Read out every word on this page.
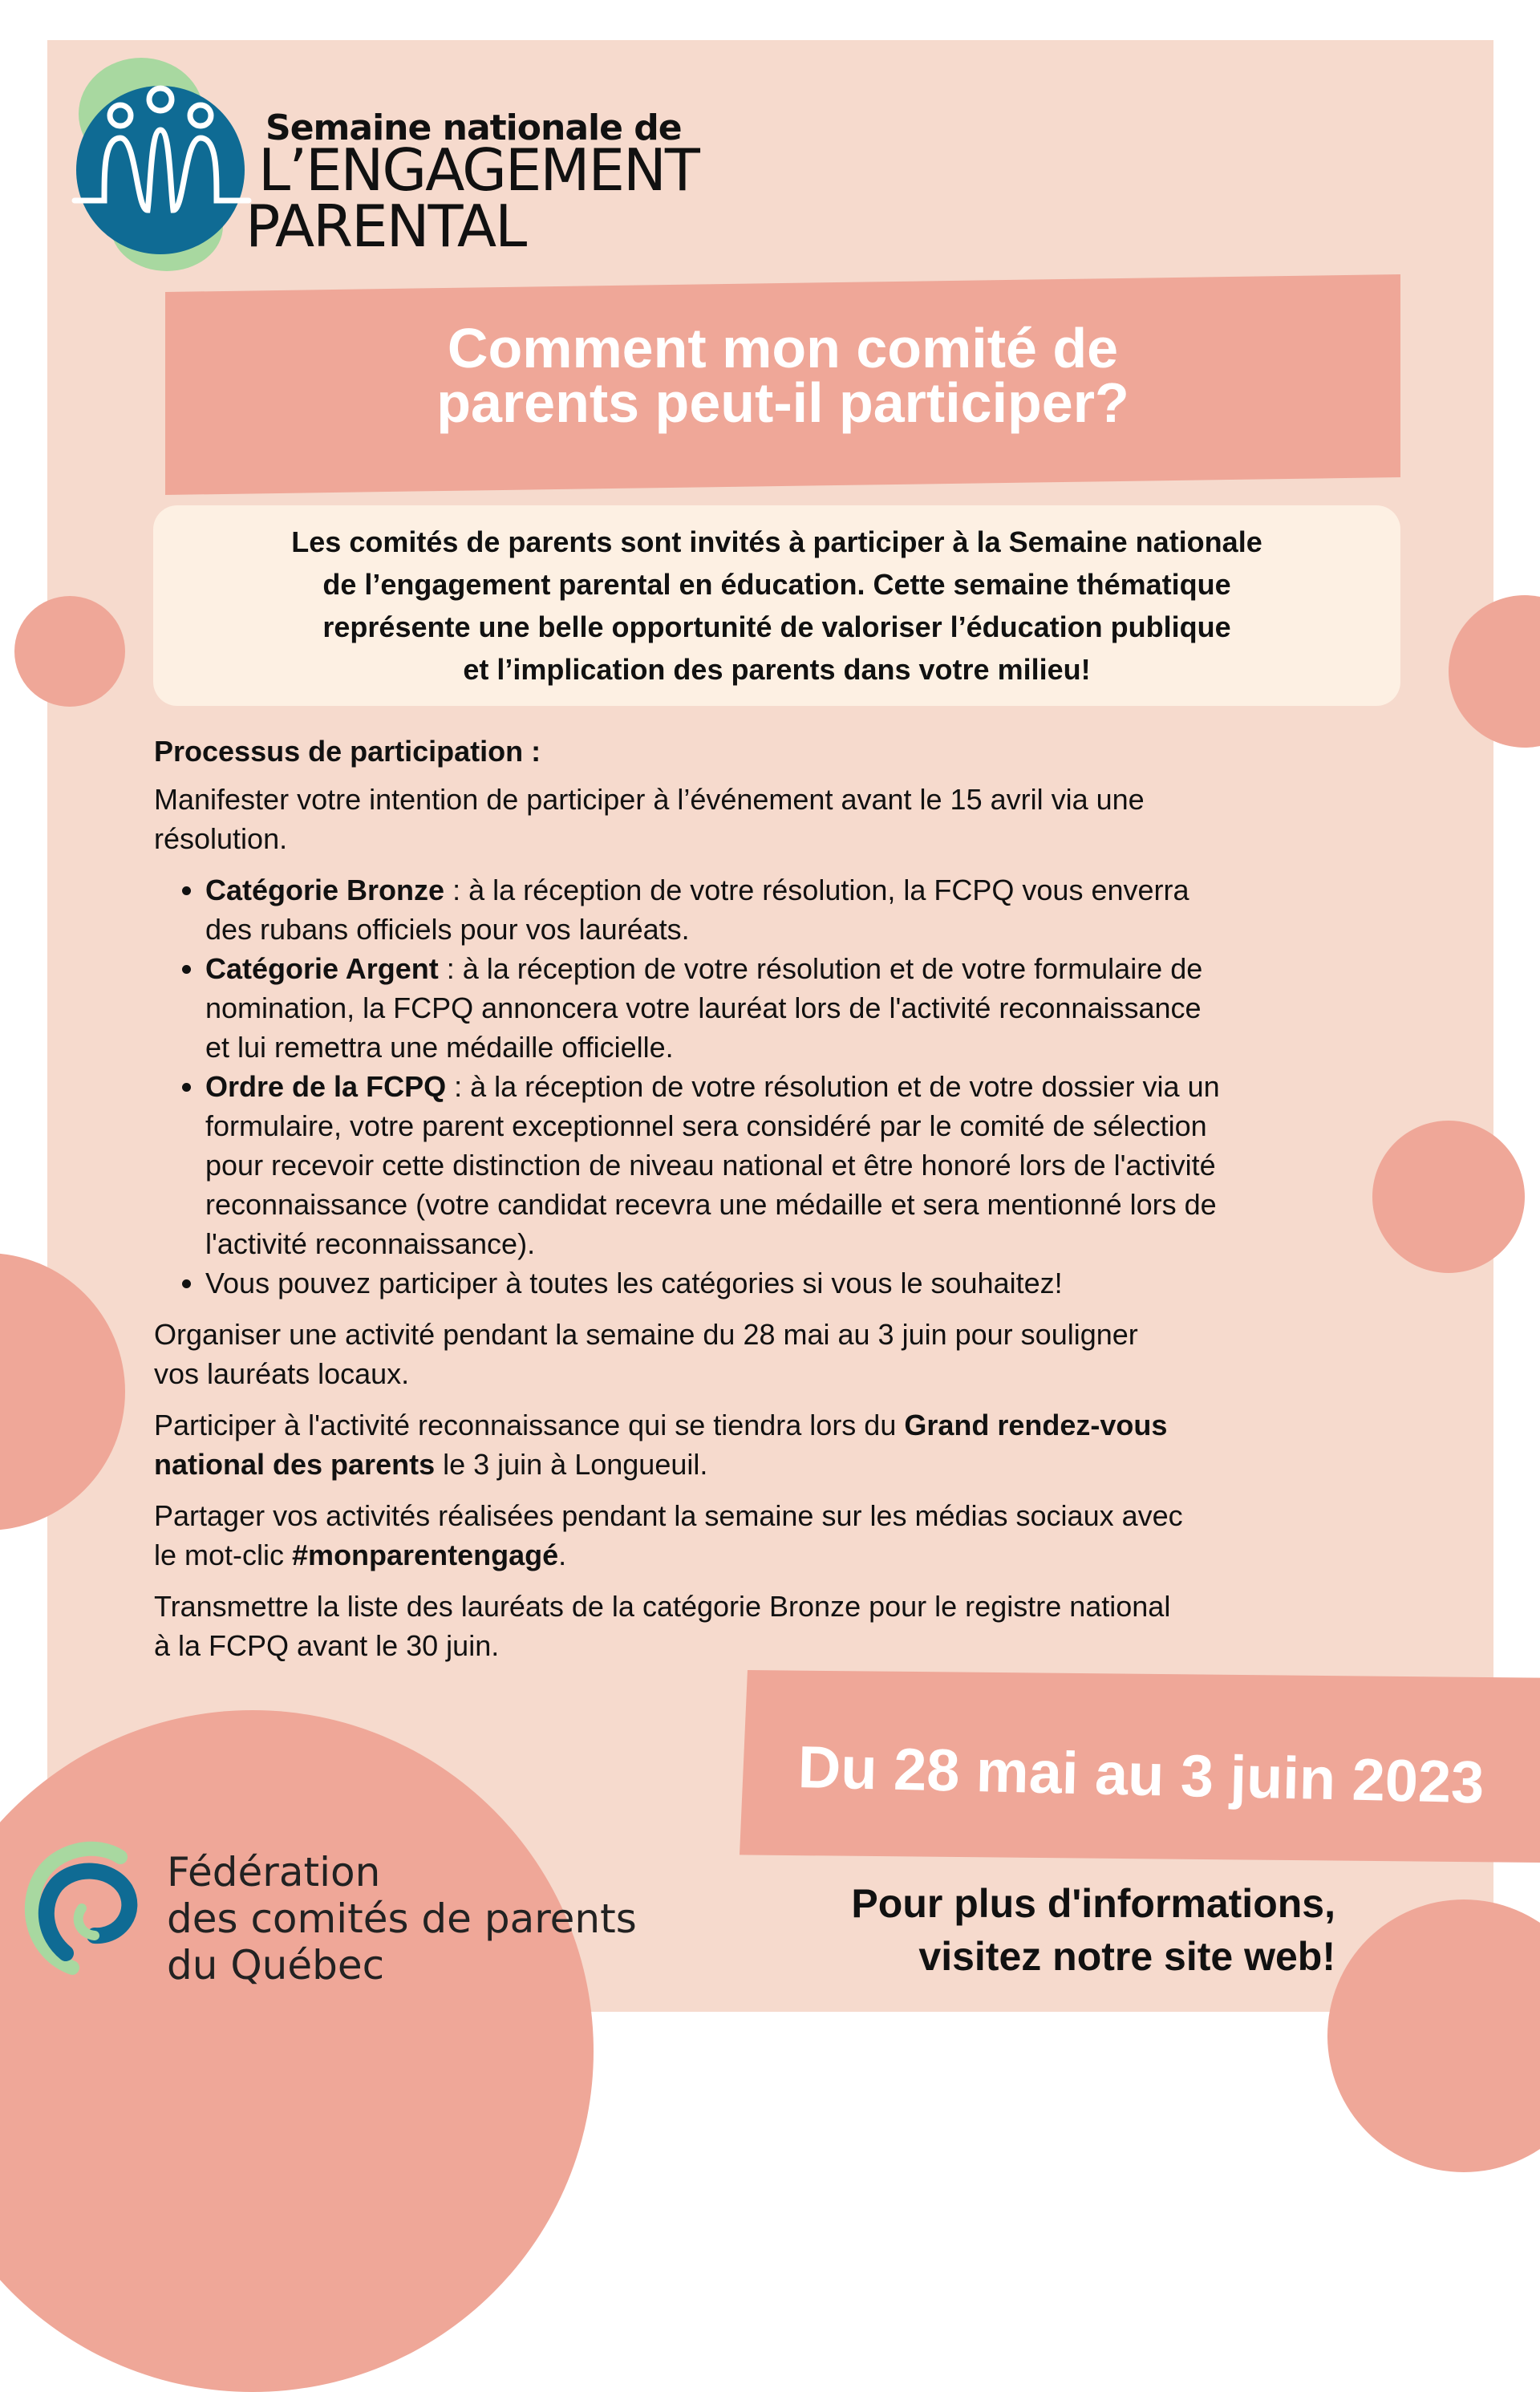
Semaine nationale de
L’ENGAGEMENT
PARENTAL
Comment mon comité de
parents peut-il participer?

Les comités de parents sont invités à participer à la Semaine nationale
de l’engagement parental en éducation. Cette semaine thématique
représente une belle opportunité de valoriser l’éducation publique
et l’implication des parents dans votre milieu!

Processus de participation :

Manifester votre intention de participer à l’événement avant le 15 avril via une
résolution.

• Catégorie Bronze : à la réception de votre résolution, la FCPQ vous enverra
des rubans officiels pour vos lauréats.
• Catégorie Argent : à la réception de votre résolution et de votre formulaire de
nomination, la FCPQ annoncera votre lauréat lors de l'activité reconnaissance
et lui remettra une médaille officielle.
• Ordre de la FCPQ : à la réception de votre résolution et de votre dossier via un
formulaire, votre parent exceptionnel sera considéré par le comité de sélection
pour recevoir cette distinction de niveau national et être honoré lors de l'activité
reconnaissance (votre candidat recevra une médaille et sera mentionné lors de
l'activité reconnaissance).
• Vous pouvez participer à toutes les catégories si vous le souhaitez!

Organiser une activité pendant la semaine du 28 mai au 3 juin pour souligner
vos lauréats locaux.

Participer à l'activité reconnaissance qui se tiendra lors du Grand rendez-vous
national des parents le 3 juin à Longueuil.

Partager vos activités réalisées pendant la semaine sur les médias sociaux avec
le mot-clic #monparentengagé.

Transmettre la liste des lauréats de la catégorie Bronze pour le registre national
à la FCPQ avant le 30 juin.

Du 28 mai au 3 juin 2023
Pour plus d'informations,
visitez notre site web!
Fédération
des comités de parents
du Québec
